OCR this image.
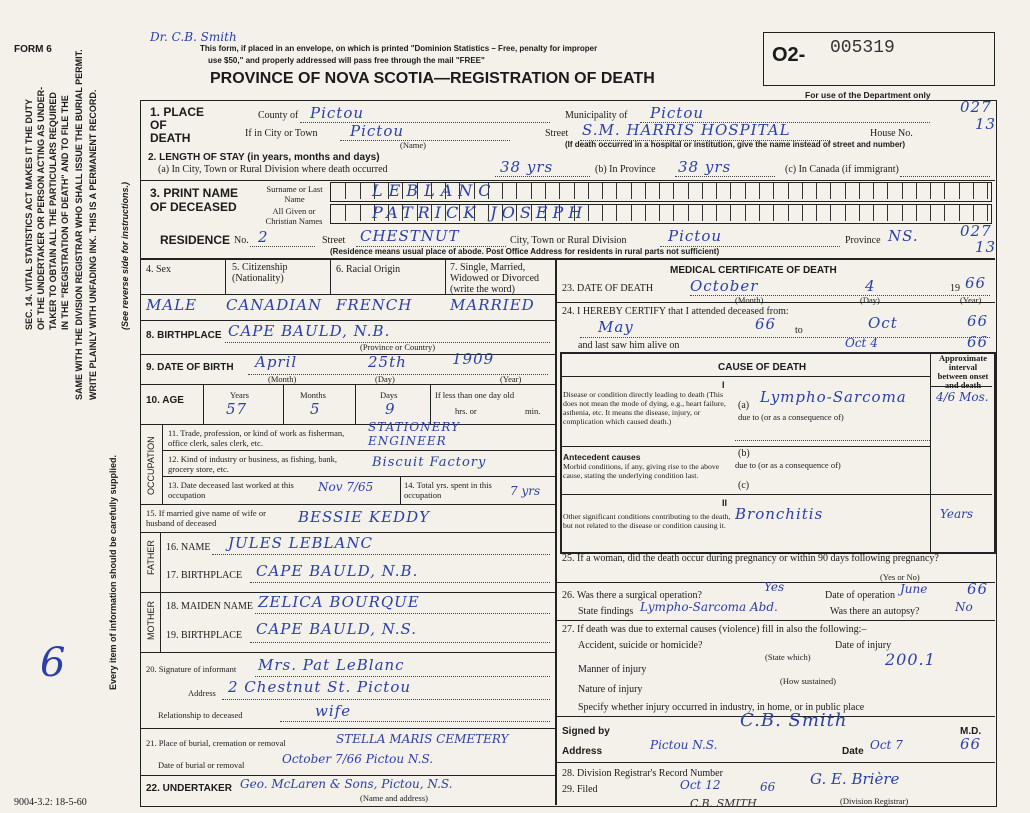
FORM 6
Dr. C.B. Smith
This form, if placed in an envelope, on which is printed "Dominion Statistics – Free, penalty for improper
use $50," and properly addressed will pass free through the mail "FREE"
PROVINCE OF NOVA SCOTIA—REGISTRATION OF DEATH
O2- 005319
For use of the Department only
SEC. 14. VITAL STATISTICS ACT MAKES IT THE DUTY OF THE UNDERTAKER OR PERSON ACTING AS UNDER- TAKER TO OBTAIN ALL THE PARTICULARS REQUIRED IN THE "REGISTRATION OF DEATH" AND TO FILE THE SAME WITH THE DIVISION REGISTRAR WHO SHALL ISSUE THE BURIAL PERMIT. WRITE PLAINLY WITH UNFADING INK. THIS IS A PERMANENT RECORD.
Every item of information should be carefully supplied.
(See reverse side for instructions.)
6
1. PLACE OF DEATH
County of Pictou	Municipality of Pictou	027
13
If in City or Town Pictou
(Name)
Street S.M. HARRIS HOSPITAL	House No.
(If death occurred in a hospital or institution, give the name instead of street and number)
2. LENGTH OF STAY (in years, months and days)
(a) In City, Town or Rural Division where death occurred	38 yrs	(b) In Province 38 yrs	(c) In Canada (if immigrant)
3. PRINT NAME OF DECEASED
Surname or Last Name	LEBLANC
All Given or Christian Names	PATRICK JOSEPH
RESIDENCE No. 2	Street CHESTNUT	City, Town or Rural Division	Pictou	Province NS.	027
13
(Residence means usual place of abode. Post Office Address for residents in rural parts not sufficient)
4. Sex	5. Citizenship (Nationality)
6. Racial Origin	7. Single, Married, Widowed or Divorced (write the word)
MALE CANADIAN FRENCH	MARRIED
8. BIRTHPLACE CAPE BAULD, N.B.
(Province or Country)
9. DATE OF BIRTH April	25th	1909
(Month)	(Day)	(Year)
10. AGE	Years	Months	Days
57	5	9
If less than one day old
hrs. or	min.
OCCUPATION
11. Trade, profession, or kind of work as fisherman, office clerk, sales clerk, etc.
STATIONERY ENGINEER
12. Kind of industry or business, as fishing, bank, grocery store, etc.	Biscuit Factory
13. Date deceased last worked at this occupation
Nov 7/65	14. Total yrs. spent in this occupation	7 yrs
15. If married give name of wife or husband of deceased	BESSIE KEDDY
FATHER 16. NAME JULES LEBLANC
17. BIRTHPLACE CAPE BAULD, N.B.
MOTHER 18. MAIDEN NAME ZELICA BOURQUE
19. BIRTHPLACE CAPE BAULD, N.S.
20. Signature of informant Mrs. Pat LeBlanc
Address 2 Chestnut St. Pictou
Relationship to deceased	wife
21. Place of burial, cremation or removal	STELLA MARIS CEMETERY
Date of burial or removal	October 7/66 Pictou N.S.
22. UNDERTAKER Geo. McLaren & Sons, Pictou, N.S.
(Name and address)
9004-3.2: 18-5-60	C.B. SMITH
MEDICAL CERTIFICATE OF DEATH
23. DATE OF DEATH October	4	19 66
(Month)	(Day)	(Year)
24. I HEREBY CERTIFY that I attended deceased from:
May	66 to	Oct	66
and last saw him alive on	Oct 4	66
CAUSE OF DEATH
Approximate interval between onset and death
I
Disease or condition directly leading to death (This does not mean the mode of dying, e.g., heart failure, asthenia, etc. It means the disease, injury, or complication which caused death.)
(a) Lympho-Sarcoma 4/6 Mos.
due to (or as a consequence of)
Antecedent causes
Morbid conditions, if any, giving rise to the above cause, stating the underlying condition last.
(b)
due to (or as a consequence of)
(c)
II
Other significant conditions contributing to the death, but not related to the disease or condition causing it.
Bronchitis	Years
25. If a woman, did the death occur during pregnancy or within 90 days following pregnancy?
(Yes or No)
26. Was there a surgical operation?
Yes
Date of operation June	66
State findings Lympho-Sarcoma Abd.	Was there an autopsy?	No
27. If death was due to external causes (violence) fill in also the following:–
Accident, suicide or homicide?	Date of injury
(State which)	200.1
Manner of injury
(How sustained)
Nature of injury
Specify whether injury occurred in industry, in home, or in public place
Signed by
C.B. Smith
M.D.
Address	Pictou N.S.	Date Oct 7	66
28. Division Registrar's Record Number
29. Filed	Oct 12	66 G. E. Brière
(Division Registrar)
